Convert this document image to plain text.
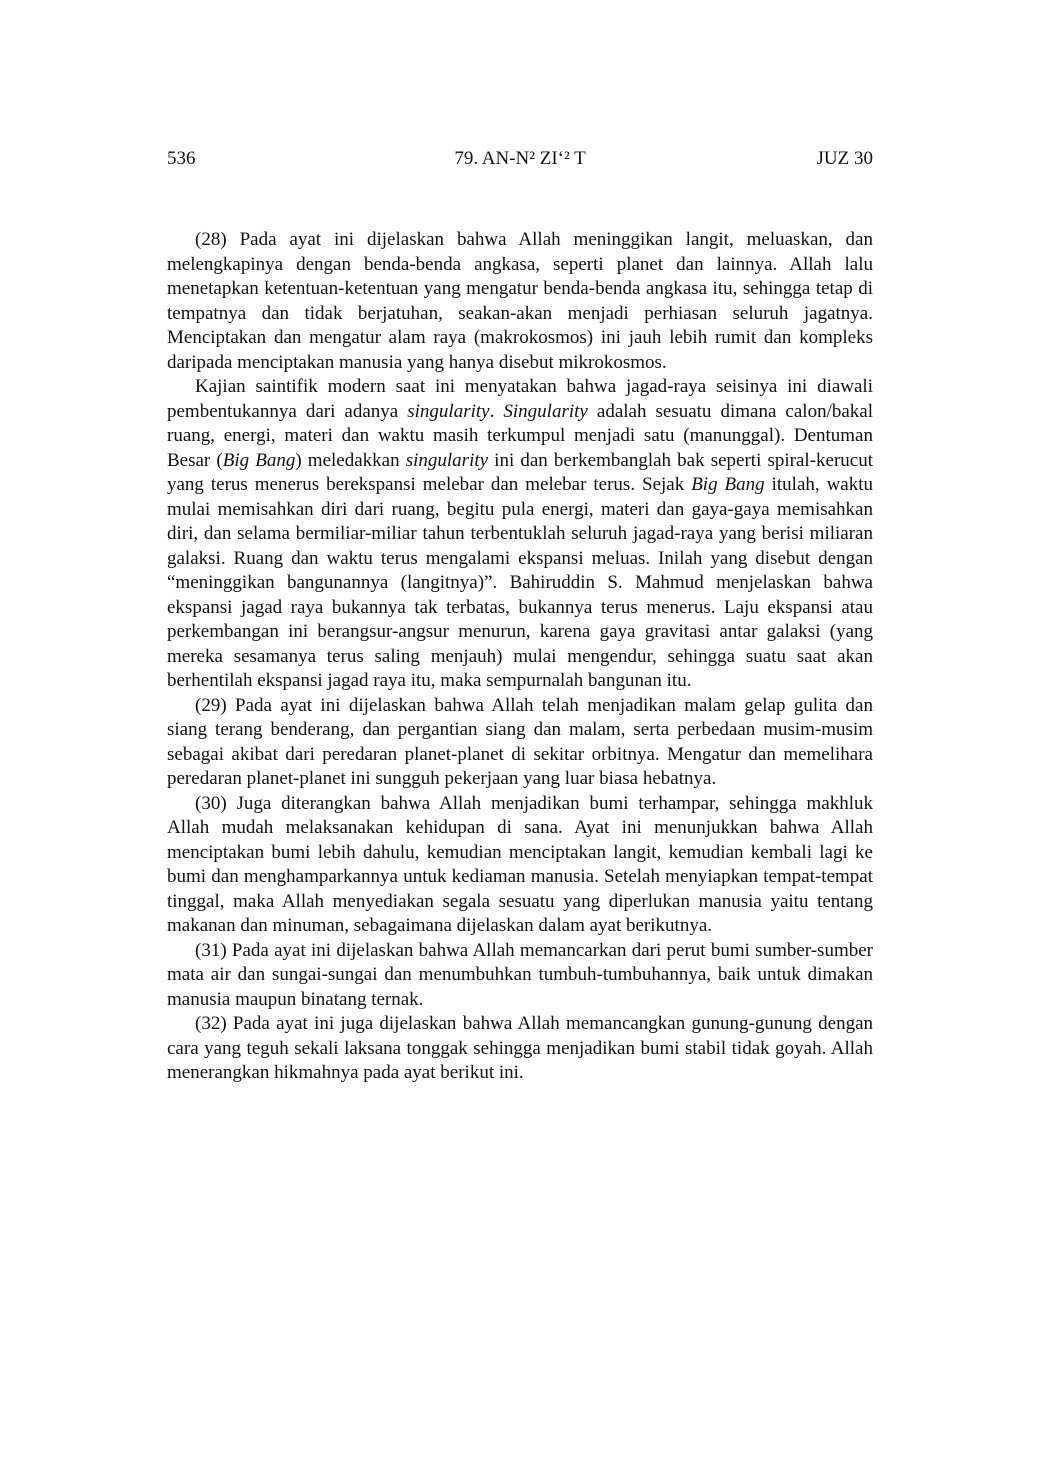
536	79. AN-N² ZI‘² T	JUZ 30

(28) Pada ayat ini dijelaskan bahwa Allah meninggikan langit, meluaskan, dan melengkapinya dengan benda-benda angkasa, seperti planet dan lainnya. Allah lalu menetapkan ketentuan-ketentuan yang mengatur benda-benda angkasa itu, sehingga tetap di tempatnya dan tidak berjatuhan, seakan-akan menjadi perhiasan seluruh jagatnya. Menciptakan dan mengatur alam raya (makrokosmos) ini jauh lebih rumit dan kompleks daripada menciptakan manusia yang hanya disebut mikrokosmos.

Kajian saintifik modern saat ini menyatakan bahwa jagad-raya seisinya ini diawali pembentukannya dari adanya singularity. Singularity adalah sesuatu dimana calon/bakal ruang, energi, materi dan waktu masih terkumpul menjadi satu (manunggal). Dentuman Besar (Big Bang) meledakkan singularity ini dan berkembanglah bak seperti spiral-kerucut yang terus menerus berekspansi melebar dan melebar terus. Sejak Big Bang itulah, waktu mulai memisahkan diri dari ruang, begitu pula energi, materi dan gaya-gaya memisahkan diri, dan selama bermiliar-miliar tahun terbentuklah seluruh jagad-raya yang berisi miliaran galaksi. Ruang dan waktu terus mengalami ekspansi meluas. Inilah yang disebut dengan “meninggikan bangunannya (langitnya)”. Bahiruddin S. Mahmud menjelaskan bahwa ekspansi jagad raya bukannya tak terbatas, bukannya terus menerus. Laju ekspansi atau perkembangan ini berangsur-angsur menurun, karena gaya gravitasi antar galaksi (yang mereka sesamanya terus saling menjauh) mulai mengendur, sehingga suatu saat akan berhentilah ekspansi jagad raya itu, maka sempurnalah bangunan itu.

(29) Pada ayat ini dijelaskan bahwa Allah telah menjadikan malam gelap gulita dan siang terang benderang, dan pergantian siang dan malam, serta perbedaan musim-musim sebagai akibat dari peredaran planet-planet di sekitar orbitnya. Mengatur dan memelihara peredaran planet-planet ini sungguh pekerjaan yang luar biasa hebatnya.

(30) Juga diterangkan bahwa Allah menjadikan bumi terhampar, sehingga makhluk Allah mudah melaksanakan kehidupan di sana. Ayat ini menunjukkan bahwa Allah menciptakan bumi lebih dahulu, kemudian menciptakan langit, kemudian kembali lagi ke bumi dan menghamparkannya untuk kediaman manusia. Setelah menyiapkan tempat-tempat tinggal, maka Allah menyediakan segala sesuatu yang diperlukan manusia yaitu tentang makanan dan minuman, sebagaimana dijelaskan dalam ayat berikutnya.

(31) Pada ayat ini dijelaskan bahwa Allah memancarkan dari perut bumi sumber-sumber mata air dan sungai-sungai dan menumbuhkan tumbuh-tumbuhannya, baik untuk dimakan manusia maupun binatang ternak.

(32) Pada ayat ini juga dijelaskan bahwa Allah memancangkan gunung-gunung dengan cara yang teguh sekali laksana tonggak sehingga menjadikan bumi stabil tidak goyah. Allah menerangkan hikmahnya pada ayat berikut ini.
